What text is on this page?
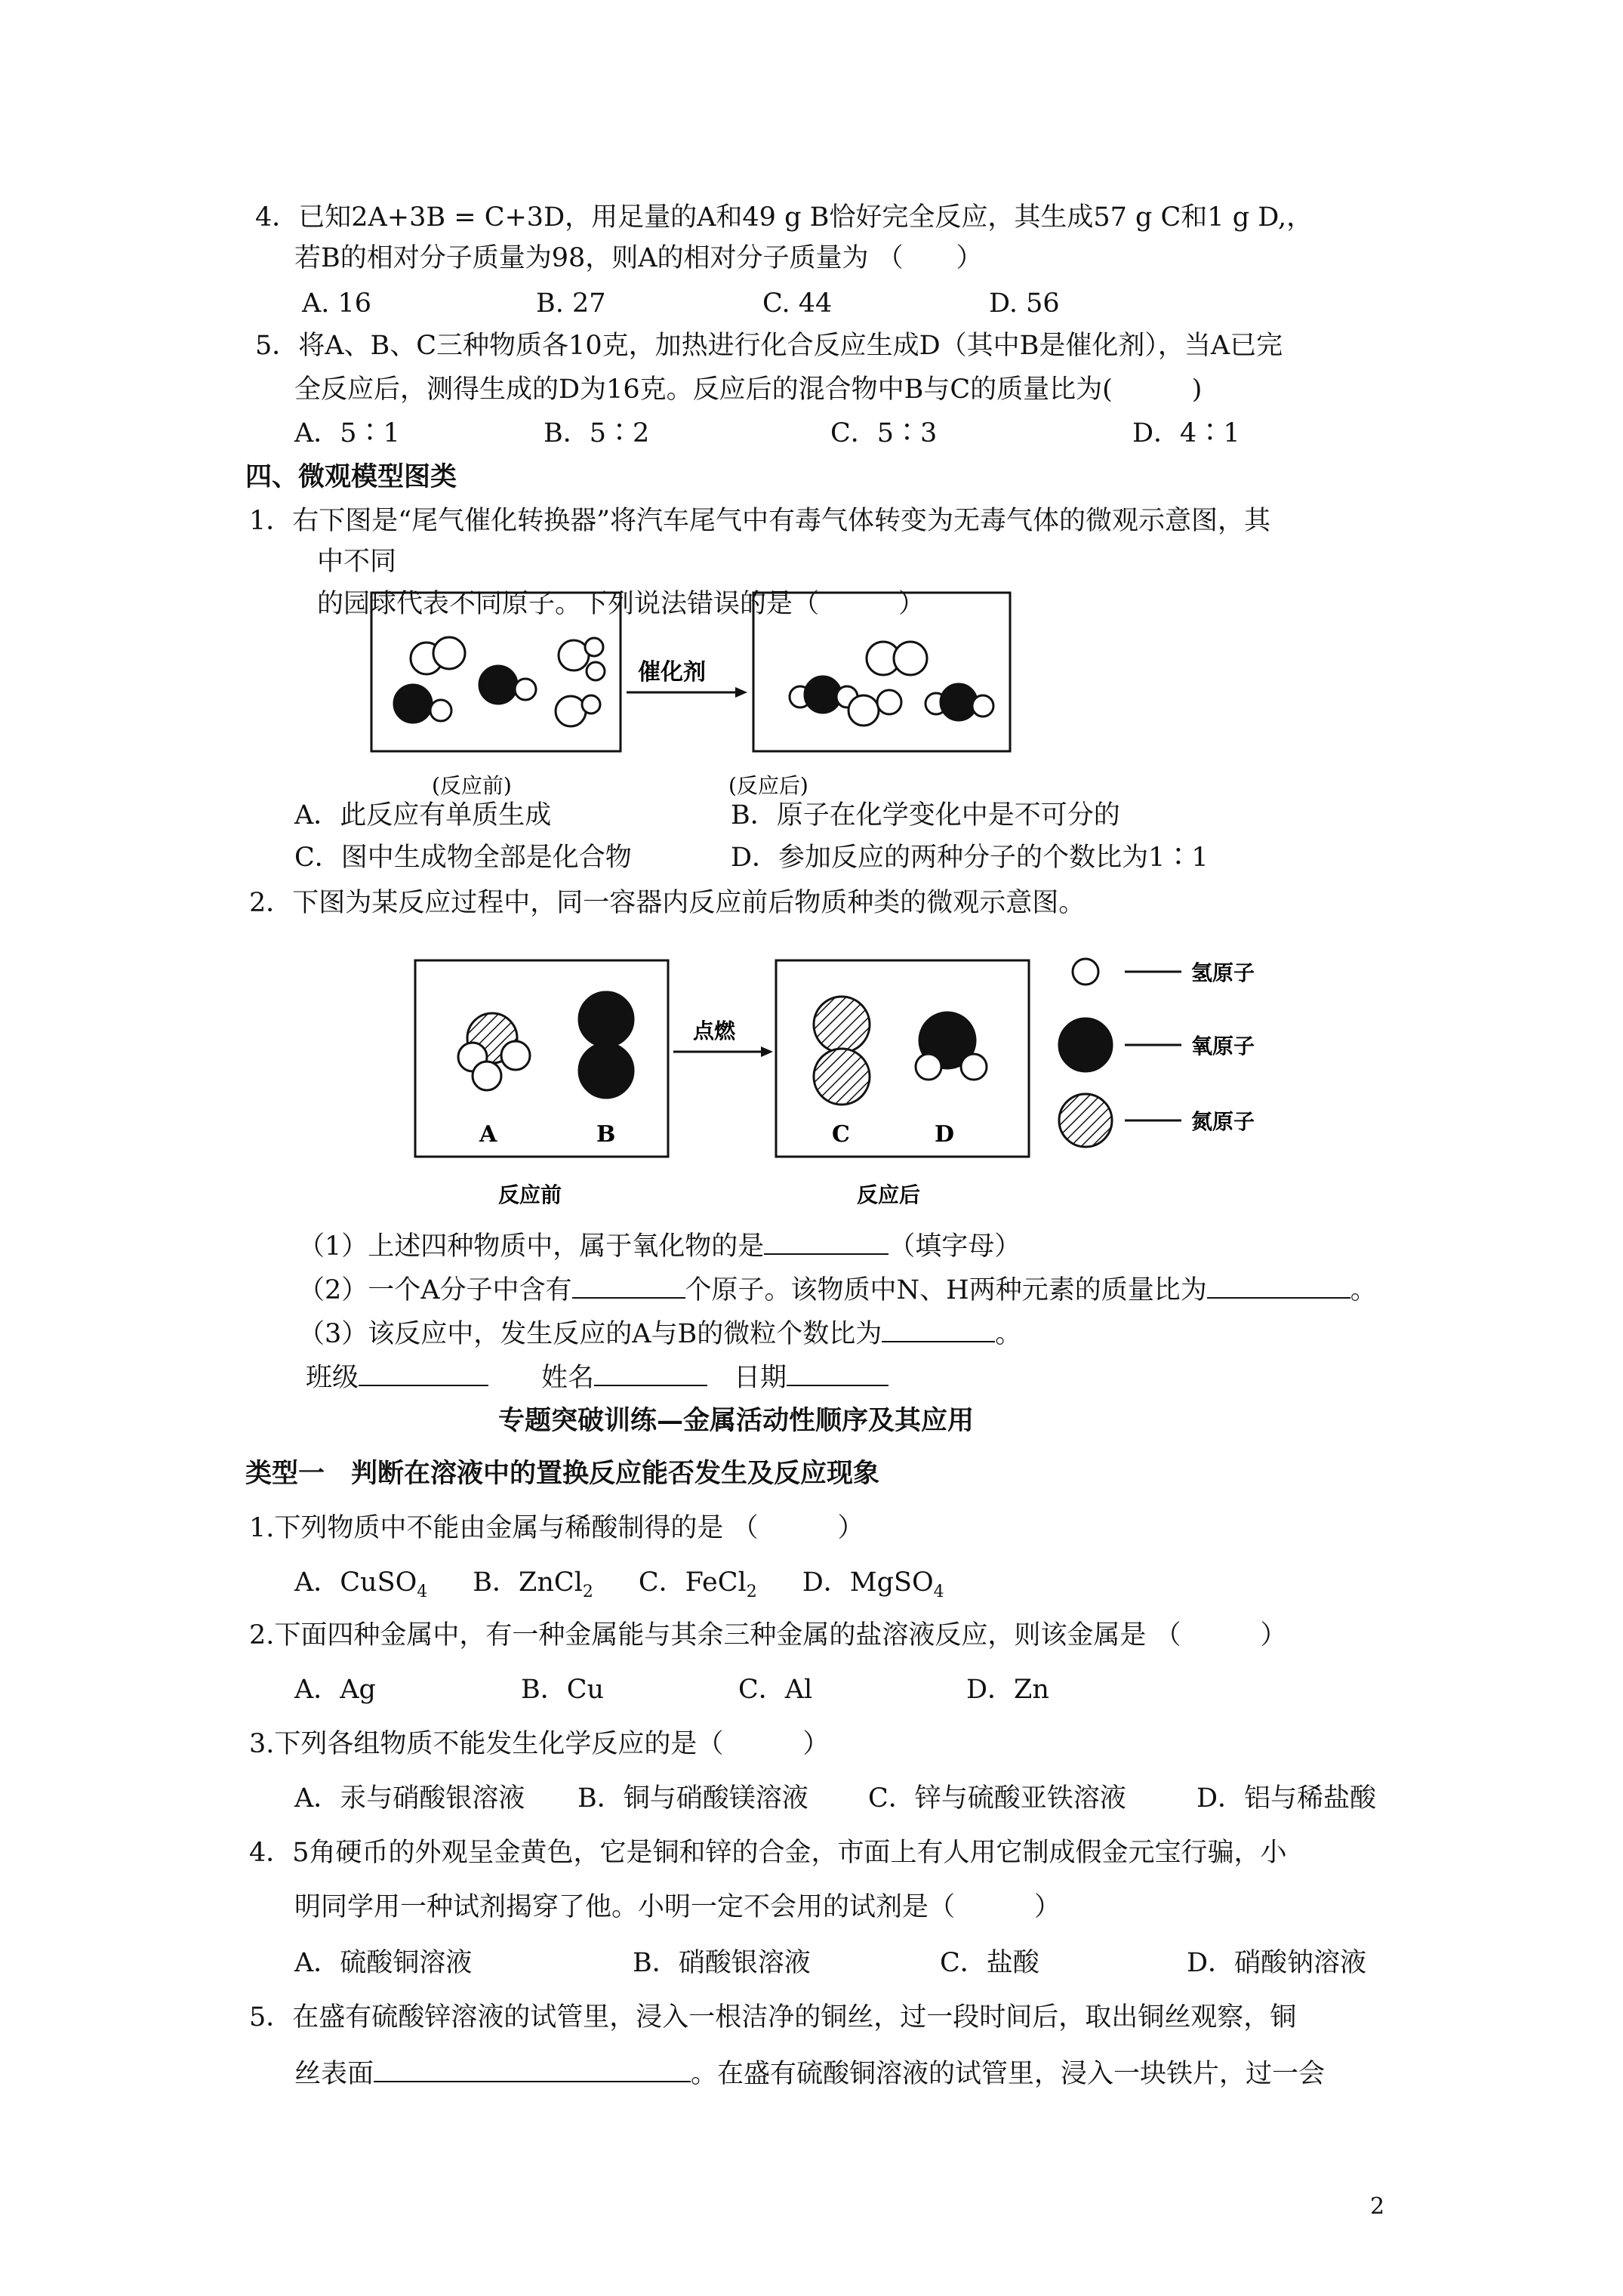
4．已知2A+3B = C+3D，用足量的A和49 g B恰好完全反应，其生成57 g C和1 g D,，
若B的相对分子质量为98，则A的相对分子质量为 （　　）
A. 16	B. 27	C. 44	D. 56
5．将A、B、C三种物质各10克，加热进行化合反应生成D（其中B是催化剂），当A已完
全反应后，测得生成的D为16克。反应后的混合物中B与C的质量比为(　　　)
A．5∶1	B．5∶2	C．5∶3	D．4∶1
四、微观模型图类
1．右下图是“尾气催化转换器”将汽车尾气中有毒气体转变为无毒气体的微观示意图，其
中不同
的园球代表不同原子。下列说法错误的是（　　　）
催化剂
(反应前)	(反应后)
A．此反应有单质生成	B．原子在化学变化中是不可分的
C．图中生成物全部是化合物	D．参加反应的两种分子的个数比为1∶1
2．下图为某反应过程中，同一容器内反应前后物质种类的微观示意图。
A	B
点燃
C	D
反应前	反应后
氢原子
氧原子
氮原子
（1）上述四种物质中，属于氧化物的是	（填字母）
（2）一个A分子中含有	个原子。该物质中N、H两种元素的质量比为	。
（3）该反应中，发生反应的A与B的微粒个数比为	。
班级	姓名	日期
专题突破训练—金属活动性顺序及其应用
类型一　判断在溶液中的置换反应能否发生及反应现象
1.下列物质中不能由金属与稀酸制得的是 （　　　）
A．CuSO$_4$ B．ZnCl$_2$ C．FeCl$_2$ D．MgSO$_4$
2.下面四种金属中，有一种金属能与其余三种金属的盐溶液反应，则该金属是 （　　　）
A．Ag	B．Cu	C．Al	D．Zn
3.下列各组物质不能发生化学反应的是（　　　）
A．汞与硝酸银溶液 B．铜与硝酸镁溶液 C．锌与硫酸亚铁溶液	D．铝与稀盐酸
4．5角硬币的外观呈金黄色，它是铜和锌的合金，市面上有人用它制成假金元宝行骗，小
明同学用一种试剂揭穿了他。小明一定不会用的试剂是（　　　）
A．硫酸铜溶液	B．硝酸银溶液	C．盐酸	D．硝酸钠溶液
5．在盛有硫酸锌溶液的试管里，浸入一根洁净的铜丝，过一段时间后，取出铜丝观察，铜
丝表面	。在盛有硫酸铜溶液的试管里，浸入一块铁片，过一会
2
